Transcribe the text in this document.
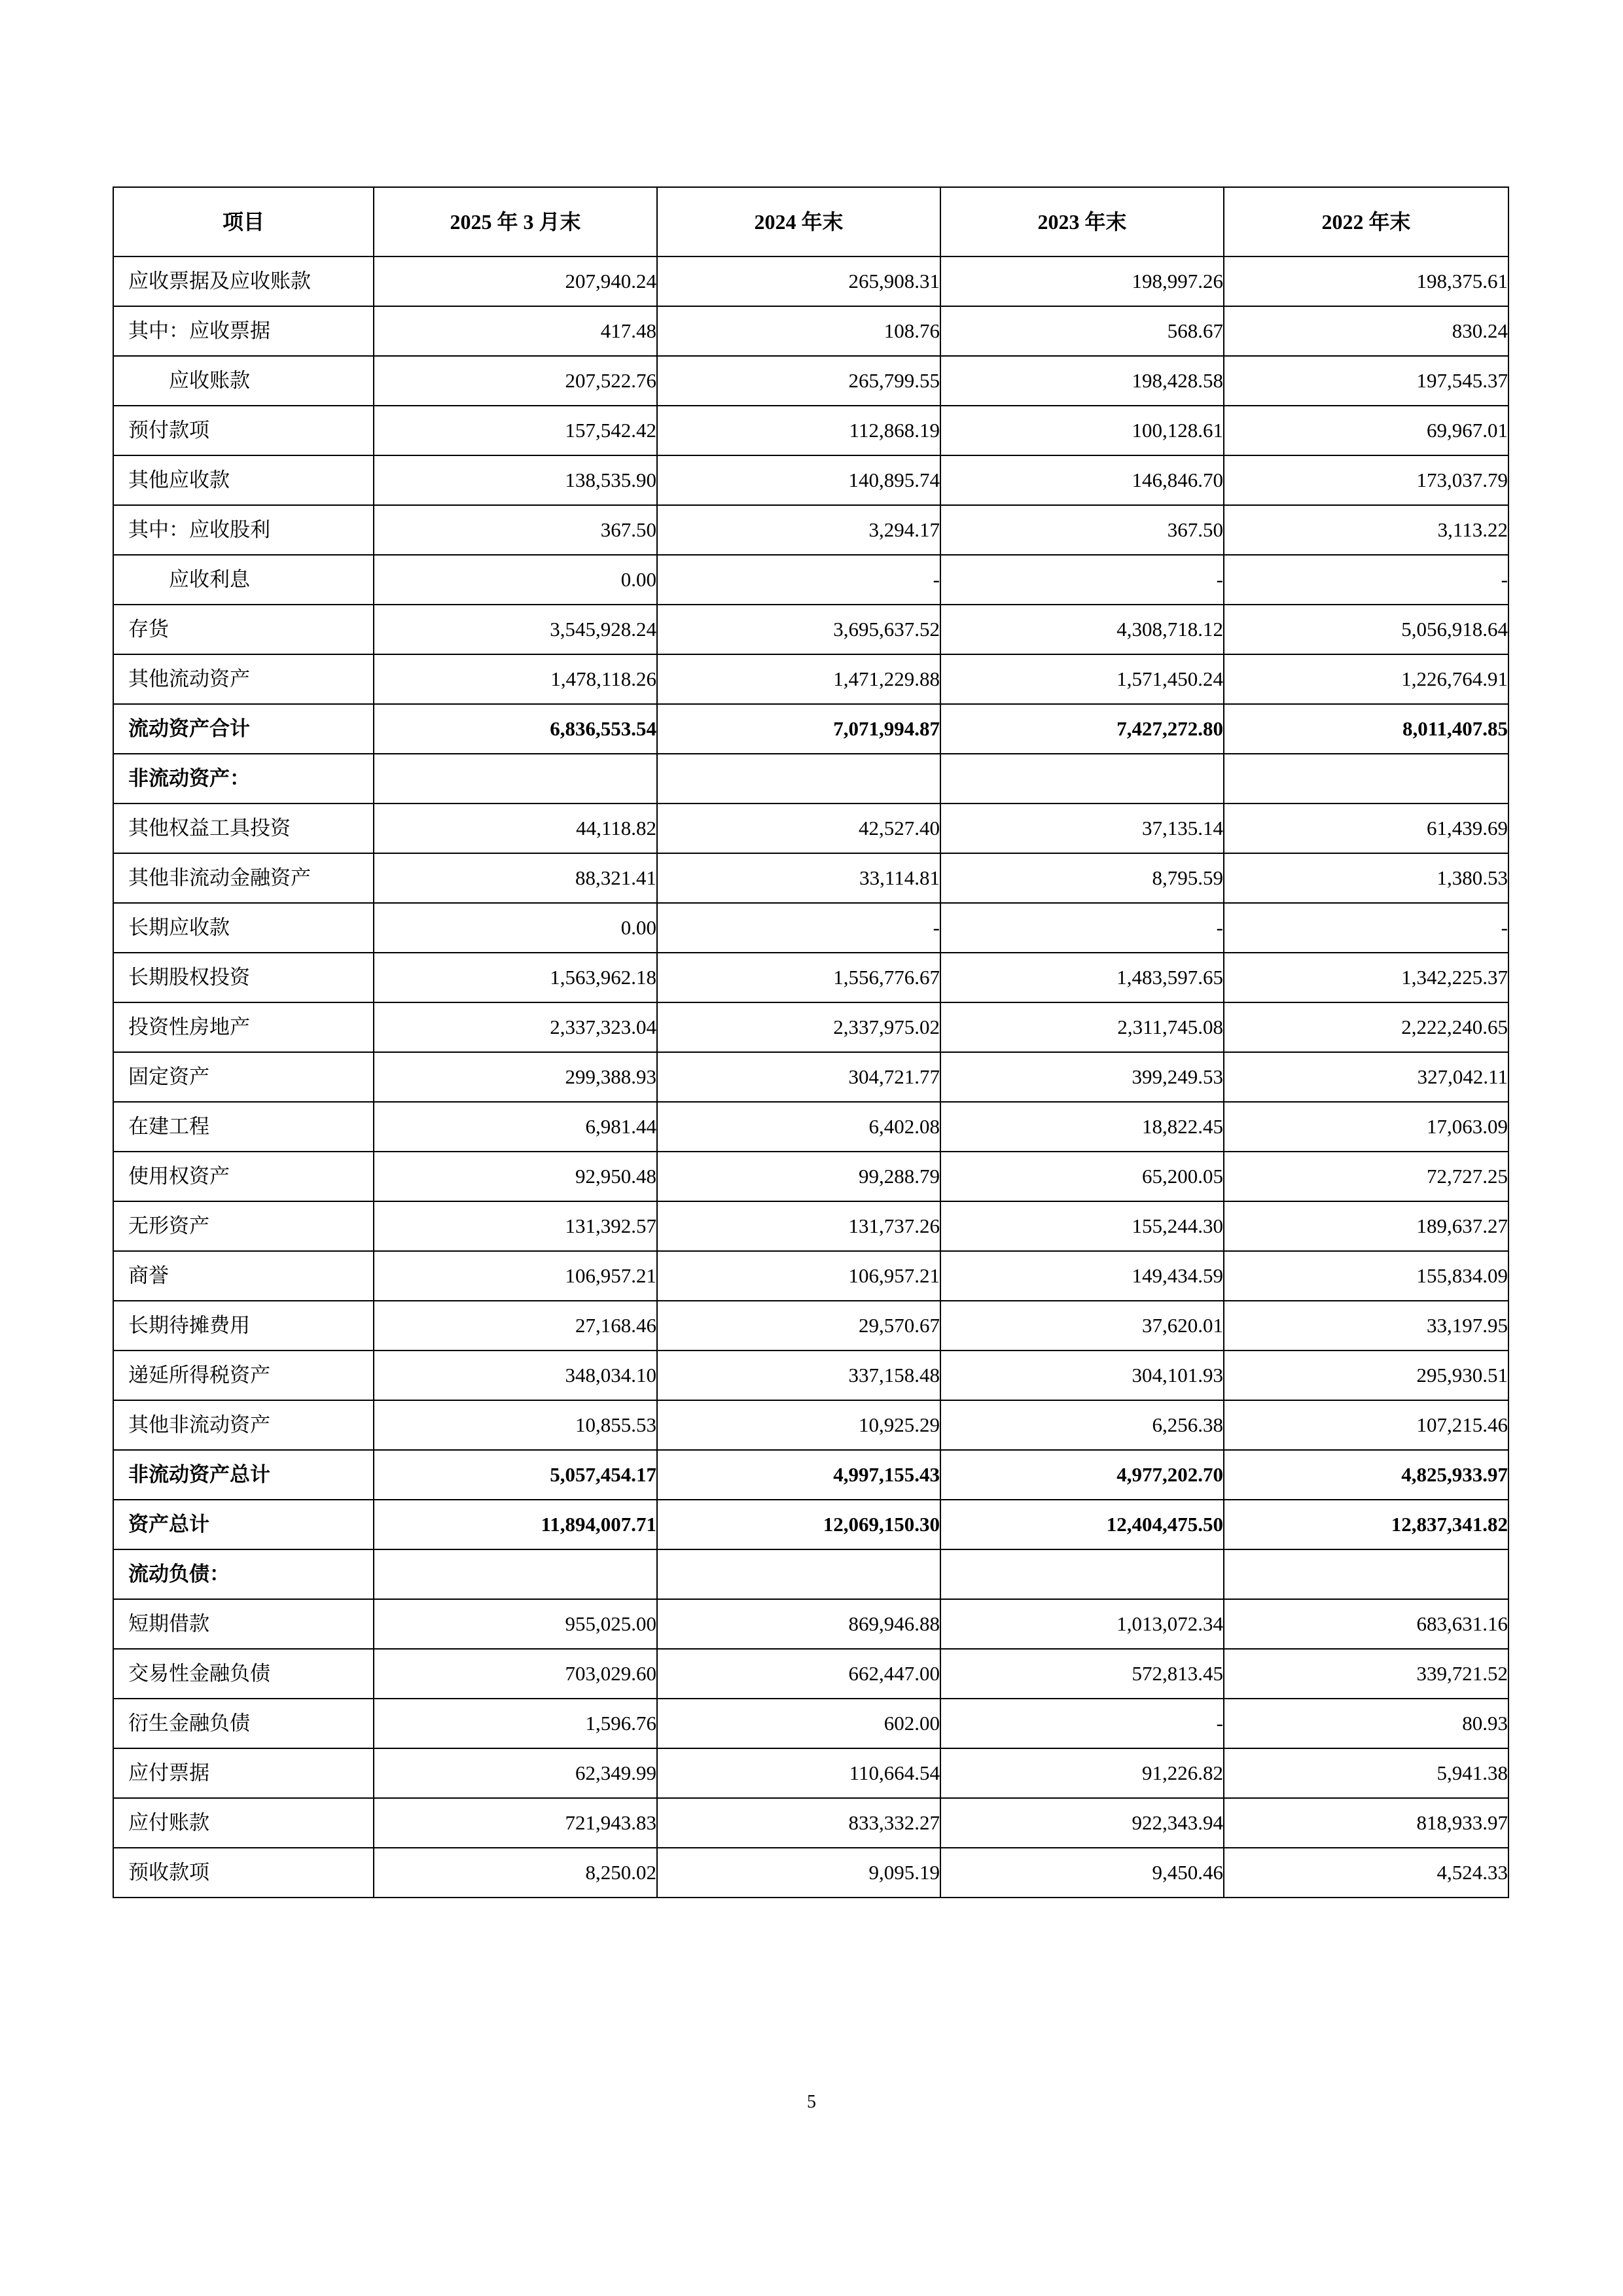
项目	2025 年 3 月末	2024 年末	2023 年末	2022 年末
应收票据及应收账款	207,940.24	265,908.31	198,997.26	198,375.61
其中：应收票据	417.48	108.76	568.67	830.24
应收账款	207,522.76	265,799.55	198,428.58	197,545.37
预付款项	157,542.42	112,868.19	100,128.61	69,967.01
其他应收款	138,535.90	140,895.74	146,846.70	173,037.79
其中：应收股利	367.50	3,294.17	367.50	3,113.22
应收利息	0.00	-	-	-
存货	3,545,928.24	3,695,637.52	4,308,718.12	5,056,918.64
其他流动资产	1,478,118.26	1,471,229.88	1,571,450.24	1,226,764.91
流动资产合计	6,836,553.54	7,071,994.87	7,427,272.80	8,011,407.85
非流动资产：				
其他权益工具投资	44,118.82	42,527.40	37,135.14	61,439.69
其他非流动金融资产	88,321.41	33,114.81	8,795.59	1,380.53
长期应收款	0.00	-	-	-
长期股权投资	1,563,962.18	1,556,776.67	1,483,597.65	1,342,225.37
投资性房地产	2,337,323.04	2,337,975.02	2,311,745.08	2,222,240.65
固定资产	299,388.93	304,721.77	399,249.53	327,042.11
在建工程	6,981.44	6,402.08	18,822.45	17,063.09
使用权资产	92,950.48	99,288.79	65,200.05	72,727.25
无形资产	131,392.57	131,737.26	155,244.30	189,637.27
商誉	106,957.21	106,957.21	149,434.59	155,834.09
长期待摊费用	27,168.46	29,570.67	37,620.01	33,197.95
递延所得税资产	348,034.10	337,158.48	304,101.93	295,930.51
其他非流动资产	10,855.53	10,925.29	6,256.38	107,215.46
非流动资产总计	5,057,454.17	4,997,155.43	4,977,202.70	4,825,933.97
资产总计	11,894,007.71	12,069,150.30	12,404,475.50	12,837,341.82
流动负债：				
短期借款	955,025.00	869,946.88	1,013,072.34	683,631.16
交易性金融负债	703,029.60	662,447.00	572,813.45	339,721.52
衍生金融负债	1,596.76	602.00	-	80.93
应付票据	62,349.99	110,664.54	91,226.82	5,941.38
应付账款	721,943.83	833,332.27	922,343.94	818,933.97
预收款项	8,250.02	9,095.19	9,450.46	4,524.33
5
